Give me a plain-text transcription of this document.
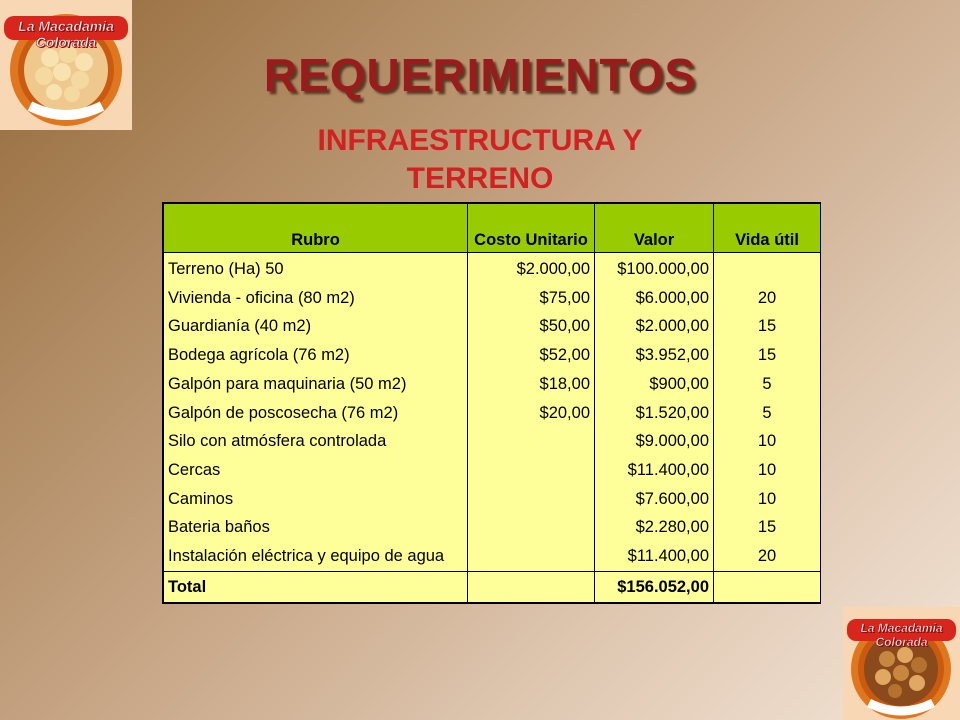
La Macadamia Colorada
La Macadamia Colorada
REQUERIMIENTOS
INFRAESTRUCTURA Y TERRENO
Rubro	Costo Unitario	Valor	Vida útil
Terreno (Ha) 50	$2.000,00	$100.000,00	
Vivienda - oficina (80 m2)	$75,00	$6.000,00	20
Guardianía (40 m2)	$50,00	$2.000,00	15
Bodega agrícola (76 m2)	$52,00	$3.952,00	15
Galpón para maquinaria (50 m2)	$18,00	$900,00	5
Galpón de poscosecha (76 m2)	$20,00	$1.520,00	5
Silo con atmósfera controlada		$9.000,00	10
Cercas		$11.400,00	10
Caminos		$7.600,00	10
Bateria baños		$2.280,00	15
Instalación eléctrica y equipo de agua		$11.400,00	20
Total		$156.052,00	
